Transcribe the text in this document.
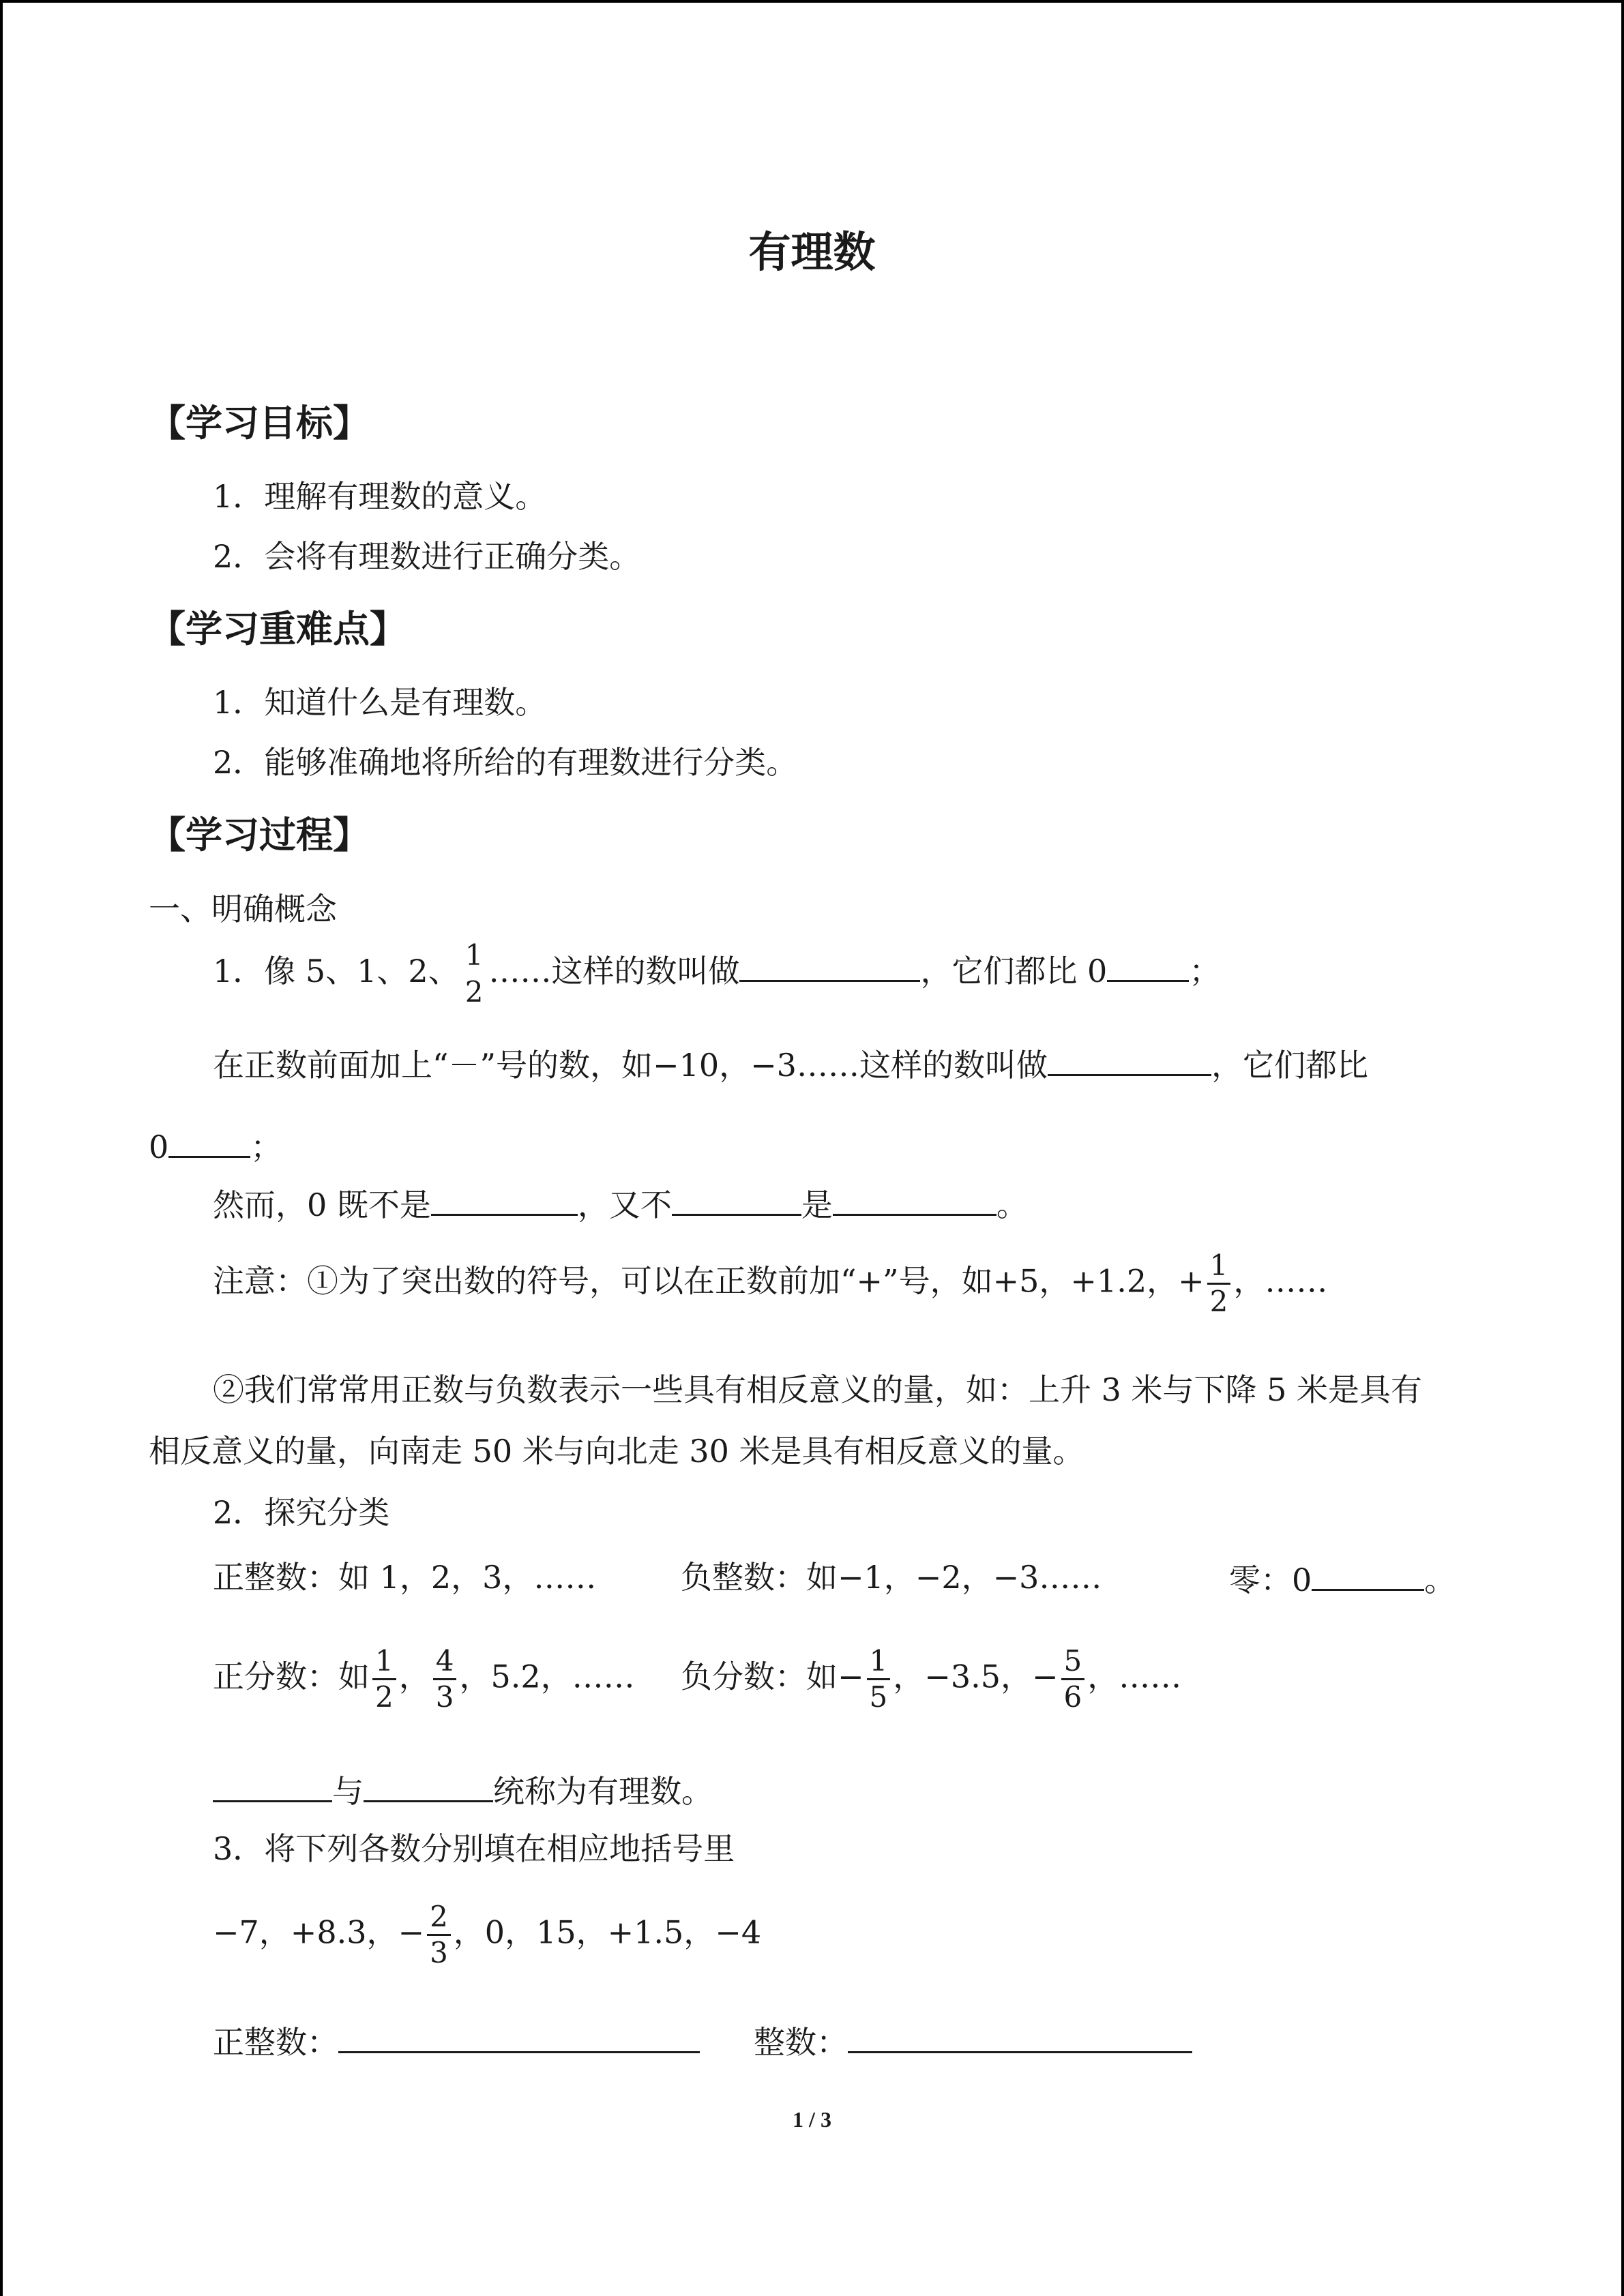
有理数
【学习目标】
1．理解有理数的意义。
2．会将有理数进行正确分类。
【学习重难点】
1．知道什么是有理数。
2．能够准确地将所给的有理数进行分类。
【学习过程】
一、明确概念
1．像 5、1、2、 1
2
……这样的数叫做	，它们都比 0	；
在正数前面加上“－”号的数，如−10，−3……这样的数叫做	，它们都比
0	；
然而，0 既不是	，又不	是	。
注意：①为了突出数的符号，可以在正数前加“+”号，如+5，+1.2，+ $\frac{1}{2}$ ，……
②我们常常用正数与负数表示一些具有相反意义的量，如：上升 3 米与下降 5 米是具有
相反意义的量，向南走 50 米与向北走 30 米是具有相反意义的量。
2．探究分类
正整数：如 1，2，3，……	负整数：如−1，−2，−3……	零：0	。
正分数：如 $\frac{1}{2}$ ， $\frac{4}{3}$ ，5.2，…… 负分数：如− $\frac{1}{5}$ ，−3.5，− $\frac{5}{6}$ ，……
与	统称为有理数。
3．将下列各数分别填在相应地括号里
−7，+8.3，− $\frac{2}{3}$ ，0，15，+1.5，−4
正整数：	整数：
1 / 3
